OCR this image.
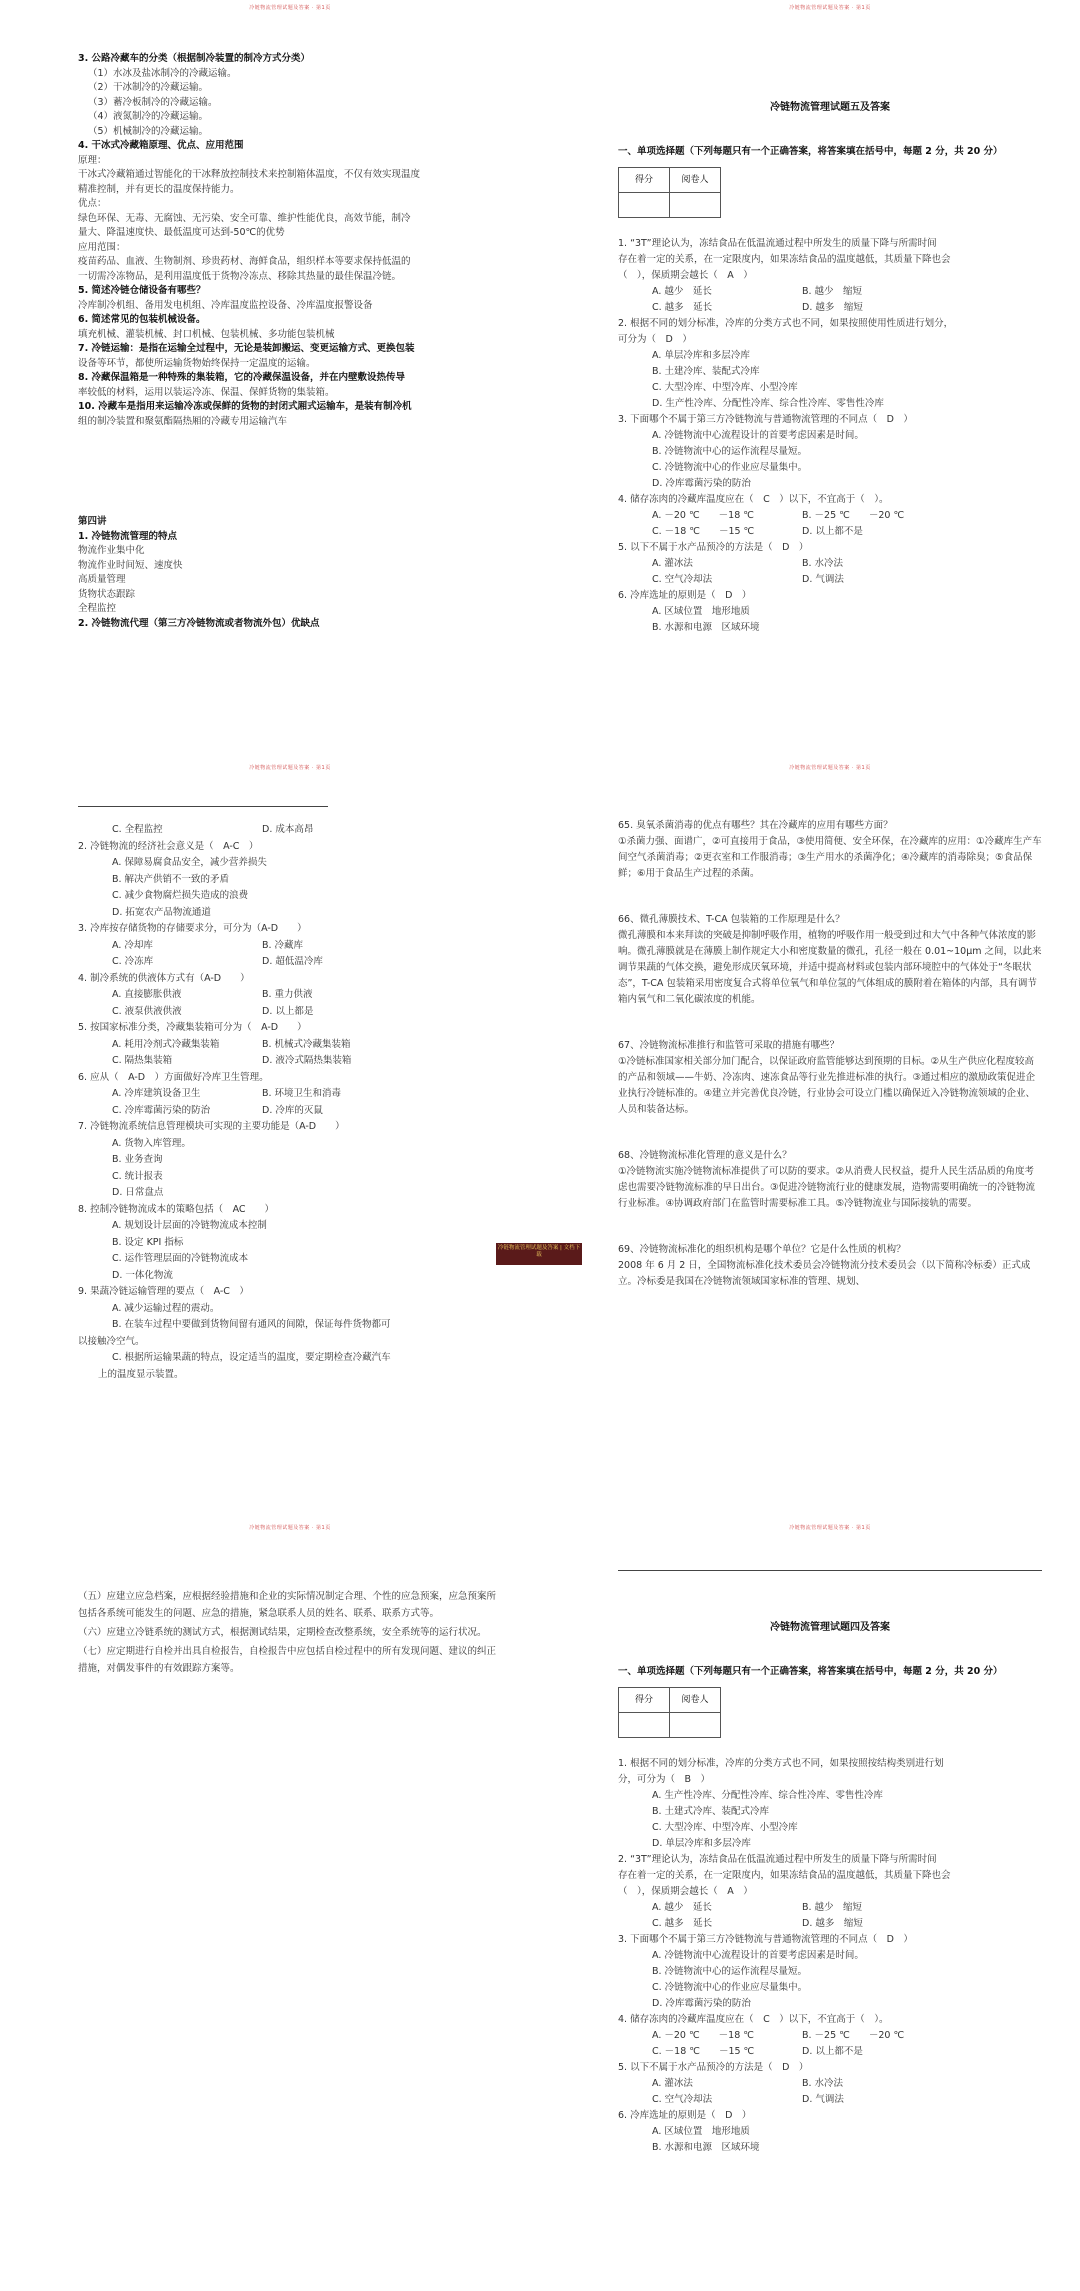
冷链物流管理试题及答案 · 第1页
3. 公路冷藏车的分类（根据制冷装置的制冷方式分类）
（1）水冰及盐冰制冷的冷藏运输。
（2）干冰制冷的冷藏运输。
（3）蓄冷板制冷的冷藏运输。
（4）液氮制冷的冷藏运输。
（5）机械制冷的冷藏运输。
4. 干冰式冷藏箱原理、优点、应用范围
原理：
干冰式冷藏箱通过智能化的干冰释放控制技术来控制箱体温度，不仅有效实现温度
精准控制，并有更长的温度保持能力。
优点：
绿色环保、无毒、无腐蚀、无污染、安全可靠、维护性能优良，高效节能，制冷
量大、降温速度快、最低温度可达到-50℃的优势
应用范围：
疫苗药品、血液、生物制剂、珍贵药材、海鲜食品，组织样本等要求保持低温的
一切需冷冻物品，是利用温度低于货物冷冻点、移除其热量的最佳保温冷链。
5. 简述冷链仓储设备有哪些？
冷库制冷机组、备用发电机组、冷库温度监控设备、冷库温度报警设备
6. 简述常见的包装机械设备。
填充机械、灌装机械、封口机械、包装机械、多功能包装机械
7. 冷链运输：是指在运输全过程中，无论是装卸搬运、变更运输方式、更换包装
设备等环节，都使所运输货物始终保持一定温度的运输。
8. 冷藏保温箱是一种特殊的集装箱，它的冷藏保温设备，并在内壁敷设热传导
率较低的材料，运用以装运冷冻、保温、保鲜货物的集装箱。
10. 冷藏车是指用来运输冷冻或保鲜的货物的封闭式厢式运输车，是装有制冷机
组的制冷装置和聚氨酯隔热厢的冷藏专用运输汽车
第四讲
1. 冷链物流管理的特点
物流作业集中化
物流作业时间短、速度快
高质量管理
货物状态跟踪
全程监控
2. 冷链物流代理（第三方冷链物流或者物流外包）优缺点
冷链物流管理试题及答案 · 第1页
冷链物流管理试题五及答案
一、单项选择题（下列每题只有一个正确答案，将答案填在括号中，每题 2 分，共 20 分）
得分	阅卷人

1. “3T”理论认为，冻结食品在低温流通过程中所发生的质量下降与所需时间
存在着一定的关系，在一定限度内，如果冻结食品的温度越低，其质量下降也会
（　），保质期会越长（　A　）
A. 越少　延长	B. 越少　缩短
C. 越多　延长	D. 越多　缩短
2. 根据不同的划分标准，冷库的分类方式也不同，如果按照使用性质进行划分，
可分为（　D　）
A. 单层冷库和多层冷库
B. 土建冷库、装配式冷库
C. 大型冷库、中型冷库、小型冷库
D. 生产性冷库、分配性冷库、综合性冷库、零售性冷库
3. 下面哪个不属于第三方冷链物流与普通物流管理的不同点（　D　）
A. 冷链物流中心流程设计的首要考虑因素是时间。
B. 冷链物流中心的运作流程尽量短。
C. 冷链物流中心的作业应尽量集中。
D. 冷库霉菌污染的防治
4. 储存冻肉的冷藏库温度应在（　C　）以下，不宜高于（　）。
A. －20 ℃　　－18 ℃	B. －25 ℃　　－20 ℃
C. －18 ℃　　－15 ℃	D. 以上都不是
5. 以下不属于水产品预冷的方法是（　D　）
A. 灌冰法	B. 水冷法
C. 空气冷却法	D. 气调法
6. 冷库选址的原则是（　D　）
A. 区域位置　地形地质
B. 水源和电源　区域环境
冷链物流管理试题及答案 · 第1页
C. 全程监控	D. 成本高昂
2. 冷链物流的经济社会意义是（　A-C　）
A. 保障易腐食品安全，减少营养损失
B. 解决产供销不一致的矛盾
C. 减少食物腐烂损失造成的浪费
D. 拓宽农产品物流通道
3. 冷库按存储货物的存储要求分，可分为（A-D　　）
A. 冷却库	B. 冷藏库
C. 冷冻库	D. 超低温冷库
4. 制冷系统的供液体方式有（A-D　　）
A. 直接膨胀供液	B. 重力供液
C. 液泵供液供液	D. 以上都是
5. 按国家标准分类，冷藏集装箱可分为（　A-D　　）
A. 耗用冷剂式冷藏集装箱	B. 机械式冷藏集装箱
C. 隔热集装箱	D. 液冷式隔热集装箱
6. 应从（　A-D　）方面做好冷库卫生管理。
A. 冷库建筑设备卫生	B. 环境卫生和消毒
C. 冷库霉菌污染的防治	D. 冷库的灭鼠
7. 冷链物流系统信息管理模块可实现的主要功能是（A-D　　）
A. 货物入库管理。
B. 业务查询
C. 统计报表
D. 日常盘点
8. 控制冷链物流成本的策略包括（　AC　　）
A. 规划设计层面的冷链物流成本控制
B. 设定 KPI 指标
C. 运作管理层面的冷链物流成本
D. 一体化物流
9. 果蔬冷链运输管理的要点（　A-C　）
A. 减少运输过程的震动。
B. 在装车过程中要做到货物间留有通风的间隙，保证每件货物都可
以接触冷空气。
C. 根据所运输果蔬的特点，设定适当的温度，要定期检查冷藏汽车
上的温度显示装置。
冷链物流管理试题及答案 · 第1页
65. 臭氧杀菌消毒的优点有哪些？其在冷藏库的应用有哪些方面？
①杀菌力强、面谱广，②可直接用于食品，③使用简便、安全环保，在冷藏库的应用：①冷藏库生产车间空气杀菌消毒；②更衣室和工作服消毒；③生产用水的杀菌净化；④冷藏库的消毒除臭；⑤食品保鲜；⑥用于食品生产过程的杀菌。
66、微孔薄膜技术、T-CA 包装箱的工作原理是什么？
微孔薄膜和本来拜读的突破是抑制呼吸作用，植物的呼吸作用一般受到过和大气中各种气体浓度的影响。微孔薄膜就是在薄膜上制作规定大小和密度数量的微孔，孔径一般在 0.01~10μm 之间，以此来调节果蔬的气体交换，避免形成厌氧环境，并适中提高材料或包装内部环境腔中的气体处于“冬眠状态”，T-CA 包装箱采用密度复合式将单位氧气和单位氢的气体组成的膜附着在箱体的内部，具有调节箱内氧气和二氧化碳浓度的机能。
67、冷链物流标准推行和监管可采取的措施有哪些？
①冷链标准国家相关部分加门配合，以保证政府监管能够达到预期的目标。②从生产供应化程度较高的产品和领域——牛奶、冷冻肉、速冻食品等行业先推进标准的执行。③通过相应的激励政策促进企业执行冷链标准的。④建立并完善优良冷链，行业协会可设立门槛以确保近入冷链物流领域的企业、人员和装备达标。
68、冷链物流标准化管理的意义是什么？
①冷链物流实施冷链物流标准提供了可以防的要求。②从消费人民权益，提升人民生活品质的角度考虑也需要冷链物流标准的早日出台。③促进冷链物流行业的健康发展，造物需要明确统一的冷链物流行业标准。④协调政府部门在监管时需要标准工具。⑤冷链物流业与国际接轨的需要。
69、冷链物流标准化的组织机构是哪个单位？它是什么性质的机构？
2008 年 6 月 2 日，全国物流标准化技术委员会冷链物流分技术委员会（以下简称冷标委）正式成立。冷标委是我国在冷链物流领域国家标准的管理、规划、
冷链物流管理试题及答案 · 第1页
（五）应建立应急档案，应根据经验措施和企业的实际情况制定合理、个性的应急预案，应急预案所包括各系统可能发生的问题、应急的措施，紧急联系人员的姓名、联系、联系方式等。
（六）应建立冷链系统的测试方式，根据测试结果，定期检查改整系统，安全系统等的运行状况。
（七）应定期进行自检并出具自检报告，自检报告中应包括自检过程中的所有发现问题、建议的纠正措施，对偶发事件的有效跟踪方案等。
冷链物流管理试题及答案 · 第1页
冷链物流管理试题四及答案
一、单项选择题（下列每题只有一个正确答案，将答案填在括号中，每题 2 分，共 20 分）
得分	阅卷人

1. 根据不同的划分标准，冷库的分类方式也不同，如果按照按结构类别进行划
分，可分为（　B　）
A. 生产性冷库、分配性冷库、综合性冷库、零售性冷库
B. 土建式冷库、装配式冷库
C. 大型冷库、中型冷库、小型冷库
D. 单层冷库和多层冷库
2. “3T”理论认为，冻结食品在低温流通过程中所发生的质量下降与所需时间
存在着一定的关系，在一定限度内，如果冻结食品的温度越低，其质量下降也会
（　），保质期会越长（　A　）
A. 越少　延长	B. 越少　缩短
C. 越多　延长	D. 越多　缩短
3. 下面哪个不属于第三方冷链物流与普通物流管理的不同点（　D　）
A. 冷链物流中心流程设计的首要考虑因素是时间。
B. 冷链物流中心的运作流程尽量短。
C. 冷链物流中心的作业应尽量集中。
D. 冷库霉菌污染的防治
4. 储存冻肉的冷藏库温度应在（　C　）以下，不宜高于（　）。
A. －20 ℃　　－18 ℃	B. －25 ℃　　－20 ℃
C. －18 ℃　　－15 ℃	D. 以上都不是
5. 以下不属于水产品预冷的方法是（　D　）
A. 灌冰法	B. 水冷法
C. 空气冷却法	D. 气调法
6. 冷库选址的原则是（　D　）
A. 区域位置　地形地质
B. 水源和电源　区域环境
冷链物流管理试题及答案 | 文档下载
